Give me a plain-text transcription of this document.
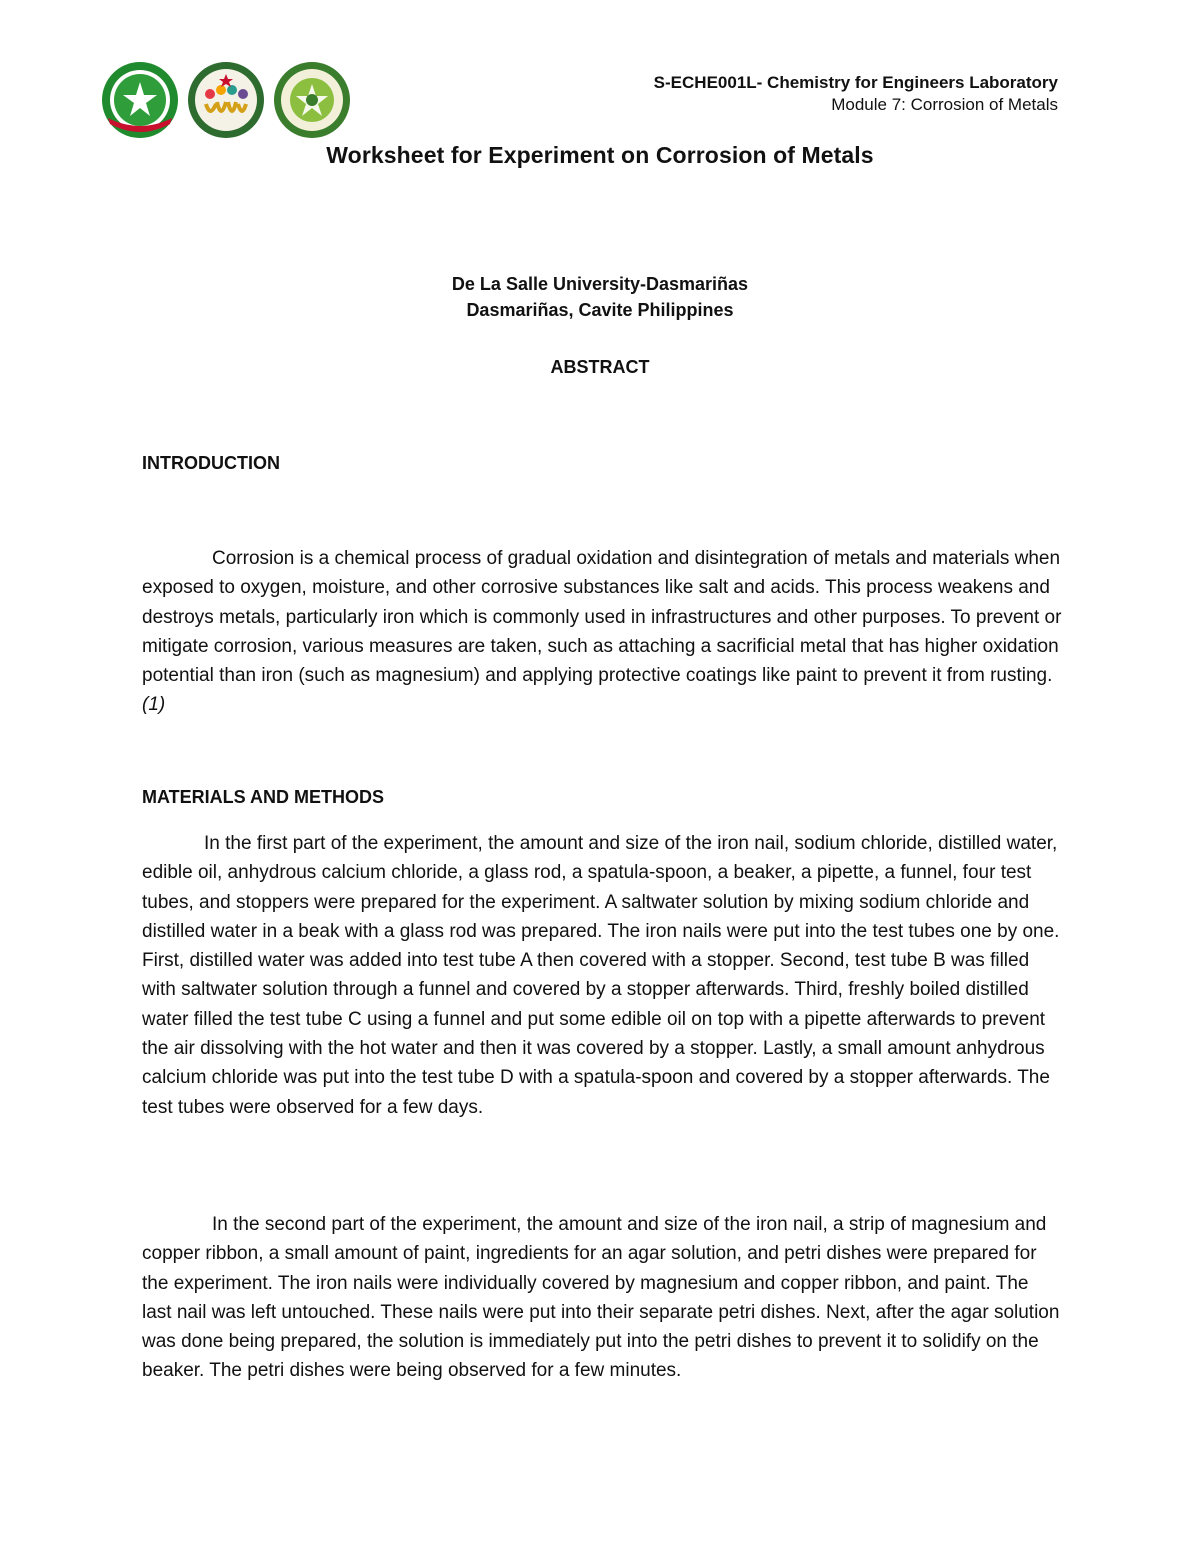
S-ECHE001L- Chemistry for Engineers Laboratory
Module 7: Corrosion of Metals
Worksheet for Experiment on Corrosion of Metals
De La Salle University-Dasmariñas
Dasmariñas, Cavite Philippines
ABSTRACT
INTRODUCTION

Corrosion is a chemical process of gradual oxidation and disintegration of metals and materials when exposed to oxygen, moisture, and other corrosive substances like salt and acids. This process weakens and destroys metals, particularly iron which is commonly used in infrastructures and other purposes. To prevent or mitigate corrosion, various measures are taken, such as attaching a sacrificial metal that has higher oxidation potential than iron (such as magnesium) and applying protective coatings like paint to prevent it from rusting. (1)

MATERIALS AND METHODS

In the first part of the experiment, the amount and size of the iron nail, sodium chloride, distilled water, edible oil, anhydrous calcium chloride, a glass rod, a spatula-spoon, a beaker, a pipette, a funnel, four test tubes, and stoppers were prepared for the experiment. A saltwater solution by mixing sodium chloride and distilled water in a beak with a glass rod was prepared. The iron nails were put into the test tubes one by one. First, distilled water was added into test tube A then covered with a stopper. Second, test tube B was filled with saltwater solution through a funnel and covered by a stopper afterwards. Third, freshly boiled distilled water filled the test tube C using a funnel and put some edible oil on top with a pipette afterwards to prevent the air dissolving with the hot water and then it was covered by a stopper. Lastly, a small amount anhydrous calcium chloride was put into the test tube D with a spatula-spoon and covered by a stopper afterwards. The test tubes were observed for a few days.

In the second part of the experiment, the amount and size of the iron nail, a strip of magnesium and copper ribbon, a small amount of paint, ingredients for an agar solution, and petri dishes were prepared for the experiment. The iron nails were individually covered by magnesium and copper ribbon, and paint. The last nail was left untouched. These nails were put into their separate petri dishes. Next, after the agar solution was done being prepared, the solution is immediately put into the petri dishes to prevent it to solidify on the beaker. The petri dishes were being observed for a few minutes.
